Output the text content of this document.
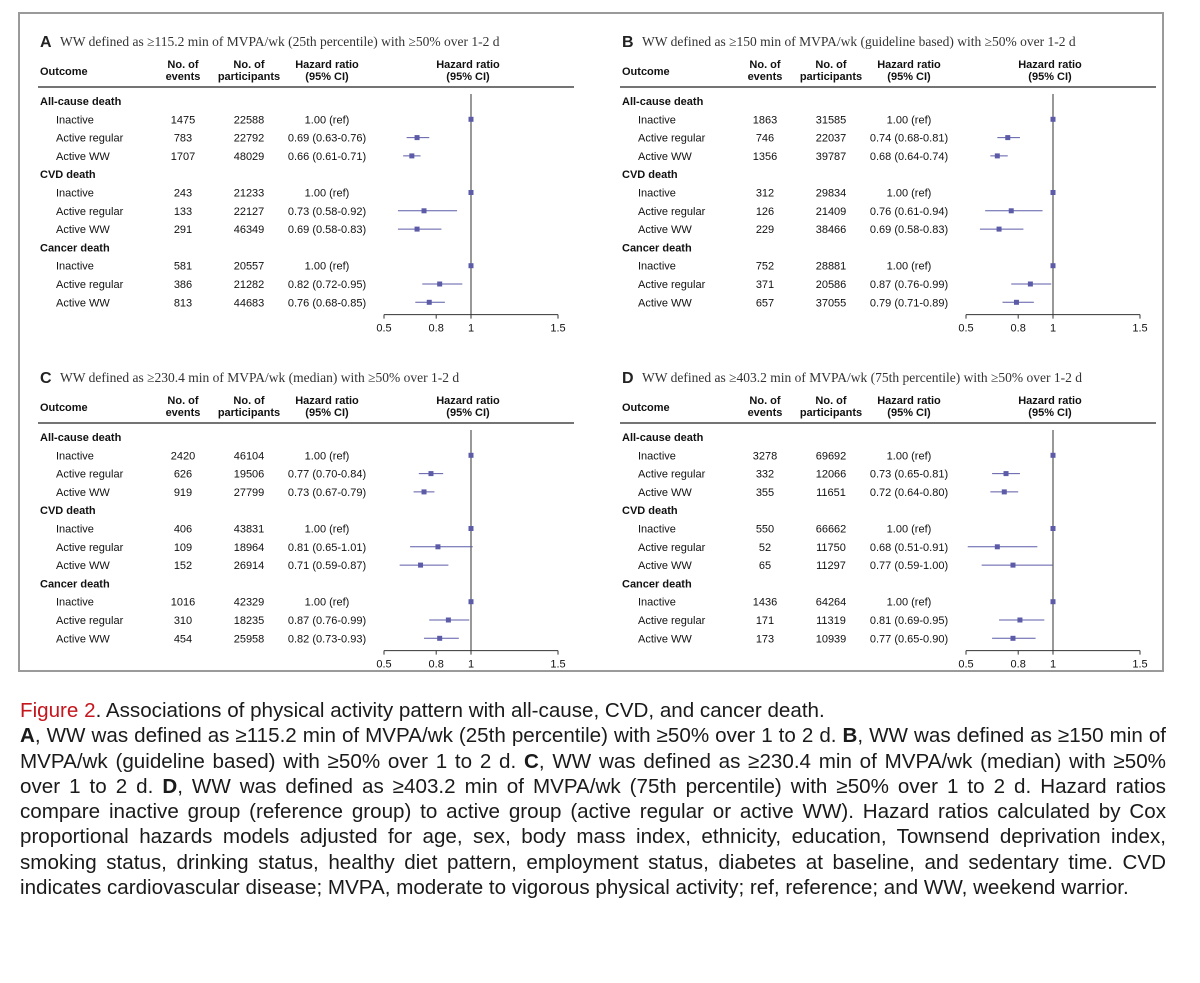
A WW defined as ≥115.2 min of MVPA/wk (25th percentile) with ≥50% over 1-2 d
Outcome
No. of
events
No. of
participants
Hazard ratio
(95% CI)
Hazard ratio
(95% CI)
All-cause death
Inactive	1475	22588	1.00 (ref)
Active regular	783	22792 0.69 (0.63-0.76)
Active WW	1707	48029 0.66 (0.61-0.71)
CVD death
Inactive	243	21233	1.00 (ref)
Active regular	133	22127 0.73 (0.58-0.92)
Active WW	291	46349 0.69 (0.58-0.83)
Cancer death
Inactive	581	20557	1.00 (ref)
Active regular	386	21282 0.82 (0.72-0.95)
Active WW	813	44683 0.76 (0.68-0.85)
0.5	0.8 1	1.5
B WW defined as ≥150 min of MVPA/wk (guideline based) with ≥50% over 1-2 d
Outcome
No. of
events
No. of
participants
Hazard ratio
(95% CI)
Hazard ratio
(95% CI)
All-cause death
Inactive	1863	31585	1.00 (ref)
Active regular	746	22037 0.74 (0.68-0.81)
Active WW	1356	39787 0.68 (0.64-0.74)
CVD death
Inactive	312	29834	1.00 (ref)
Active regular	126	21409 0.76 (0.61-0.94)
Active WW	229	38466 0.69 (0.58-0.83)
Cancer death
Inactive	752	28881	1.00 (ref)
Active regular	371	20586 0.87 (0.76-0.99)
Active WW	657	37055 0.79 (0.71-0.89)
0.5	0.8 1	1.5
C WW defined as ≥230.4 min of MVPA/wk (median) with ≥50% over 1-2 d
Outcome
No. of
events
No. of
participants
Hazard ratio
(95% CI)
Hazard ratio
(95% CI)
All-cause death
Inactive	2420	46104	1.00 (ref)
Active regular	626	19506 0.77 (0.70-0.84)
Active WW	919	27799 0.73 (0.67-0.79)
CVD death
Inactive	406	43831	1.00 (ref)
Active regular	109	18964 0.81 (0.65-1.01)
Active WW	152	26914 0.71 (0.59-0.87)
Cancer death
Inactive	1016	42329	1.00 (ref)
Active regular	310	18235 0.87 (0.76-0.99)
Active WW	454	25958 0.82 (0.73-0.93)
0.5	0.8 1	1.5
D WW defined as ≥403.2 min of MVPA/wk (75th percentile) with ≥50% over 1-2 d
Outcome
No. of
events
No. of
participants
Hazard ratio
(95% CI)
Hazard ratio
(95% CI)
All-cause death
Inactive	3278	69692	1.00 (ref)
Active regular	332	12066 0.73 (0.65-0.81)
Active WW	355	11651 0.72 (0.64-0.80)
CVD death
Inactive	550	66662	1.00 (ref)
Active regular	52	11750 0.68 (0.51-0.91)
Active WW	65	11297 0.77 (0.59-1.00)
Cancer death
Inactive	1436	64264	1.00 (ref)
Active regular	171	11319 0.81 (0.69-0.95)
Active WW	173	10939 0.77 (0.65-0.90)
0.5	0.8 1	1.5

Figure 2. Associations of physical activity pattern with all-cause, CVD, and cancer death.

A, WW was defined as ≥115.2 min of MVPA/wk (25th percentile) with ≥50% over 1 to 2 d. B, WW was defined as ≥150 min of MVPA/wk (guideline based) with ≥50% over 1 to 2 d. C, WW was defined as ≥230.4 min of MVPA/wk (median) with ≥50% over 1 to 2 d. D, WW was defined as ≥403.2 min of MVPA/wk (75th percentile) with ≥50% over 1 to 2 d. Hazard ratios compare inactive group (reference group) to active group (active regular or active WW). Hazard ratios calculated by Cox proportional hazards models adjusted for age, sex, body mass index, ethnicity, education, Townsend deprivation index, smoking status, drinking status, healthy diet pattern, employment status, diabetes at baseline, and sedentary time. CVD indicates cardiovascular disease; MVPA, moderate to vigorous physical activity; ref, reference; and WW, weekend warrior.
